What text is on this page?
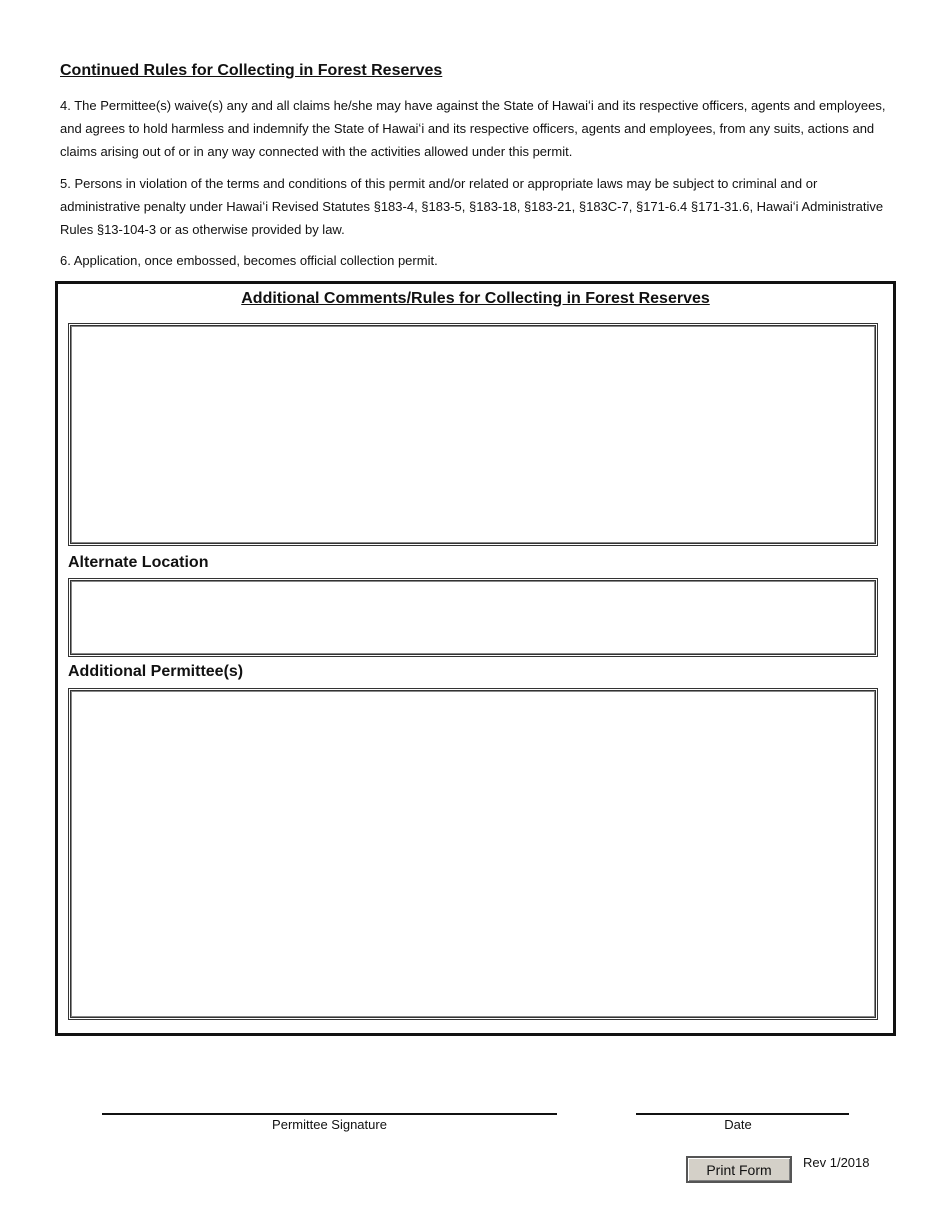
Continued Rules for Collecting in Forest Reserves

4. The Permittee(s) waive(s) any and all claims he/she may have against the State of Hawaiʻi and its respective officers, agents and employees, and agrees to hold harmless and indemnify the State of Hawaiʻi and its respective officers, agents and employees, from any suits, actions and claims arising out of or in any way connected with the activities allowed under this permit.

5. Persons in violation of the terms and conditions of this permit and/or related or appropriate laws may be subject to criminal and or administrative penalty under Hawaiʻi Revised Statutes §183-4, §183-5, §183-18, §183-21, §183C-7, §171-6.4 §171-31.6, Hawaiʻi Administrative Rules §13-104-3 or as otherwise provided by law.

6. Application, once embossed, becomes official collection permit.

Additional Comments/Rules for Collecting in Forest Reserves
Alternate Location
Additional Permittee(s)
Permittee Signature	Date
Print Form	Rev 1/2018
